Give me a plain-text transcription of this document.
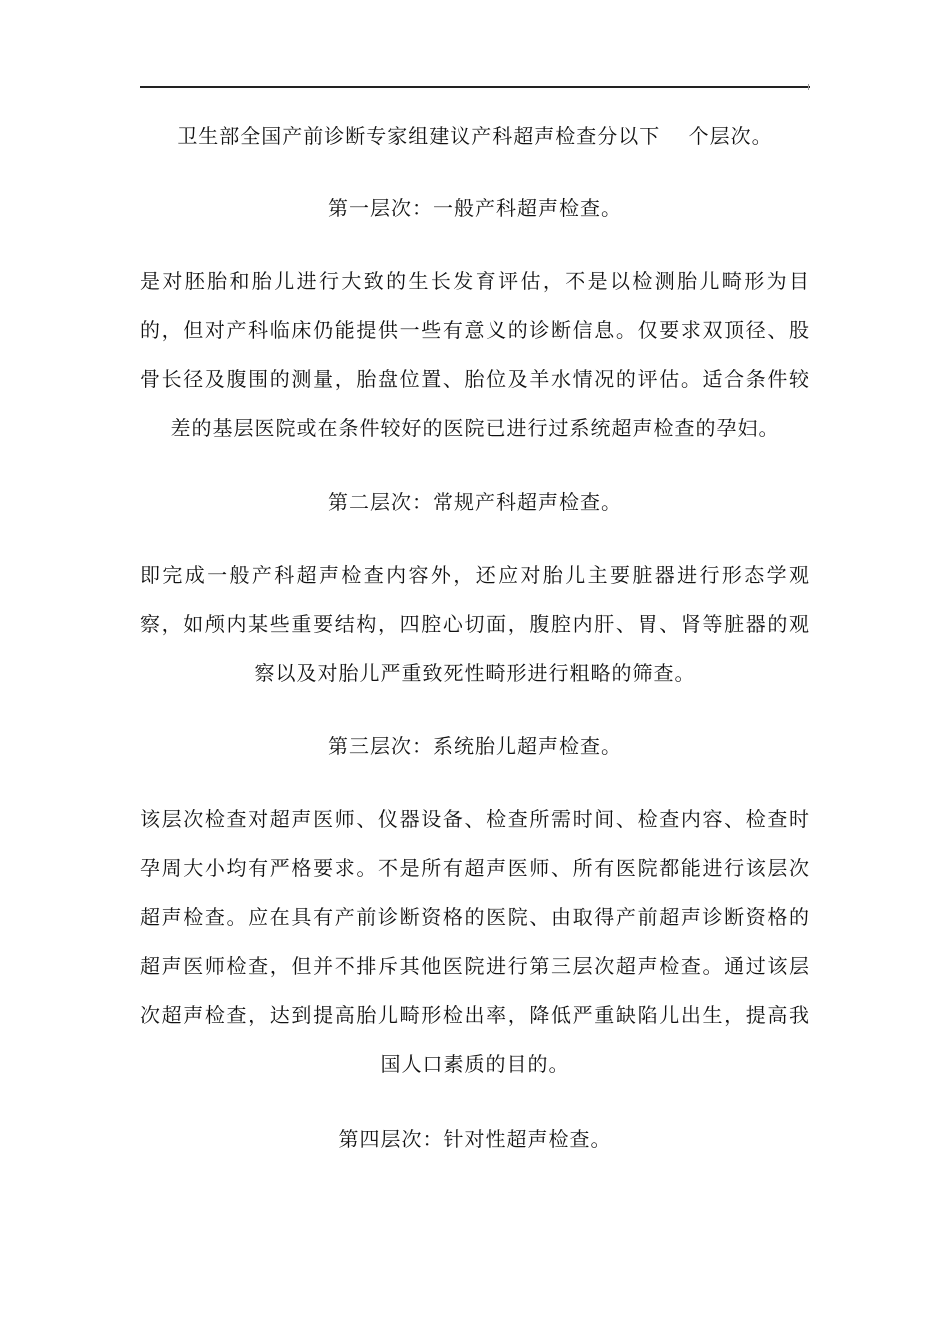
卫生部全国产前诊断专家组建议产科超声检查分以下　 个层次。

第一层次：一般产科超声检查。

是对胚胎和胎儿进行大致的生长发育评估，不是以检测胎儿畸形为目的，但对产科临床仍能提供一些有意义的诊断信息。仅要求双顶径、股骨长径及腹围的测量，胎盘位置、胎位及羊水情况的评估。适合条件较差的基层医院或在条件较好的医院已进行过系统超声检查的孕妇。

第二层次：常规产科超声检查。

即完成一般产科超声检查内容外，还应对胎儿主要脏器进行形态学观察，如颅内某些重要结构，四腔心切面，腹腔内肝、胃、肾等脏器的观察以及对胎儿严重致死性畸形进行粗略的筛查。

第三层次：系统胎儿超声检查。

该层次检查对超声医师、仪器设备、检查所需时间、检查内容、检查时孕周大小均有严格要求。不是所有超声医师、所有医院都能进行该层次超声检查。应在具有产前诊断资格的医院、由取得产前超声诊断资格的超声医师检查，但并不排斥其他医院进行第三层次超声检查。通过该层次超声检查，达到提高胎儿畸形检出率，降低严重缺陷儿出生，提高我国人口素质的目的。

第四层次：针对性超声检查。
